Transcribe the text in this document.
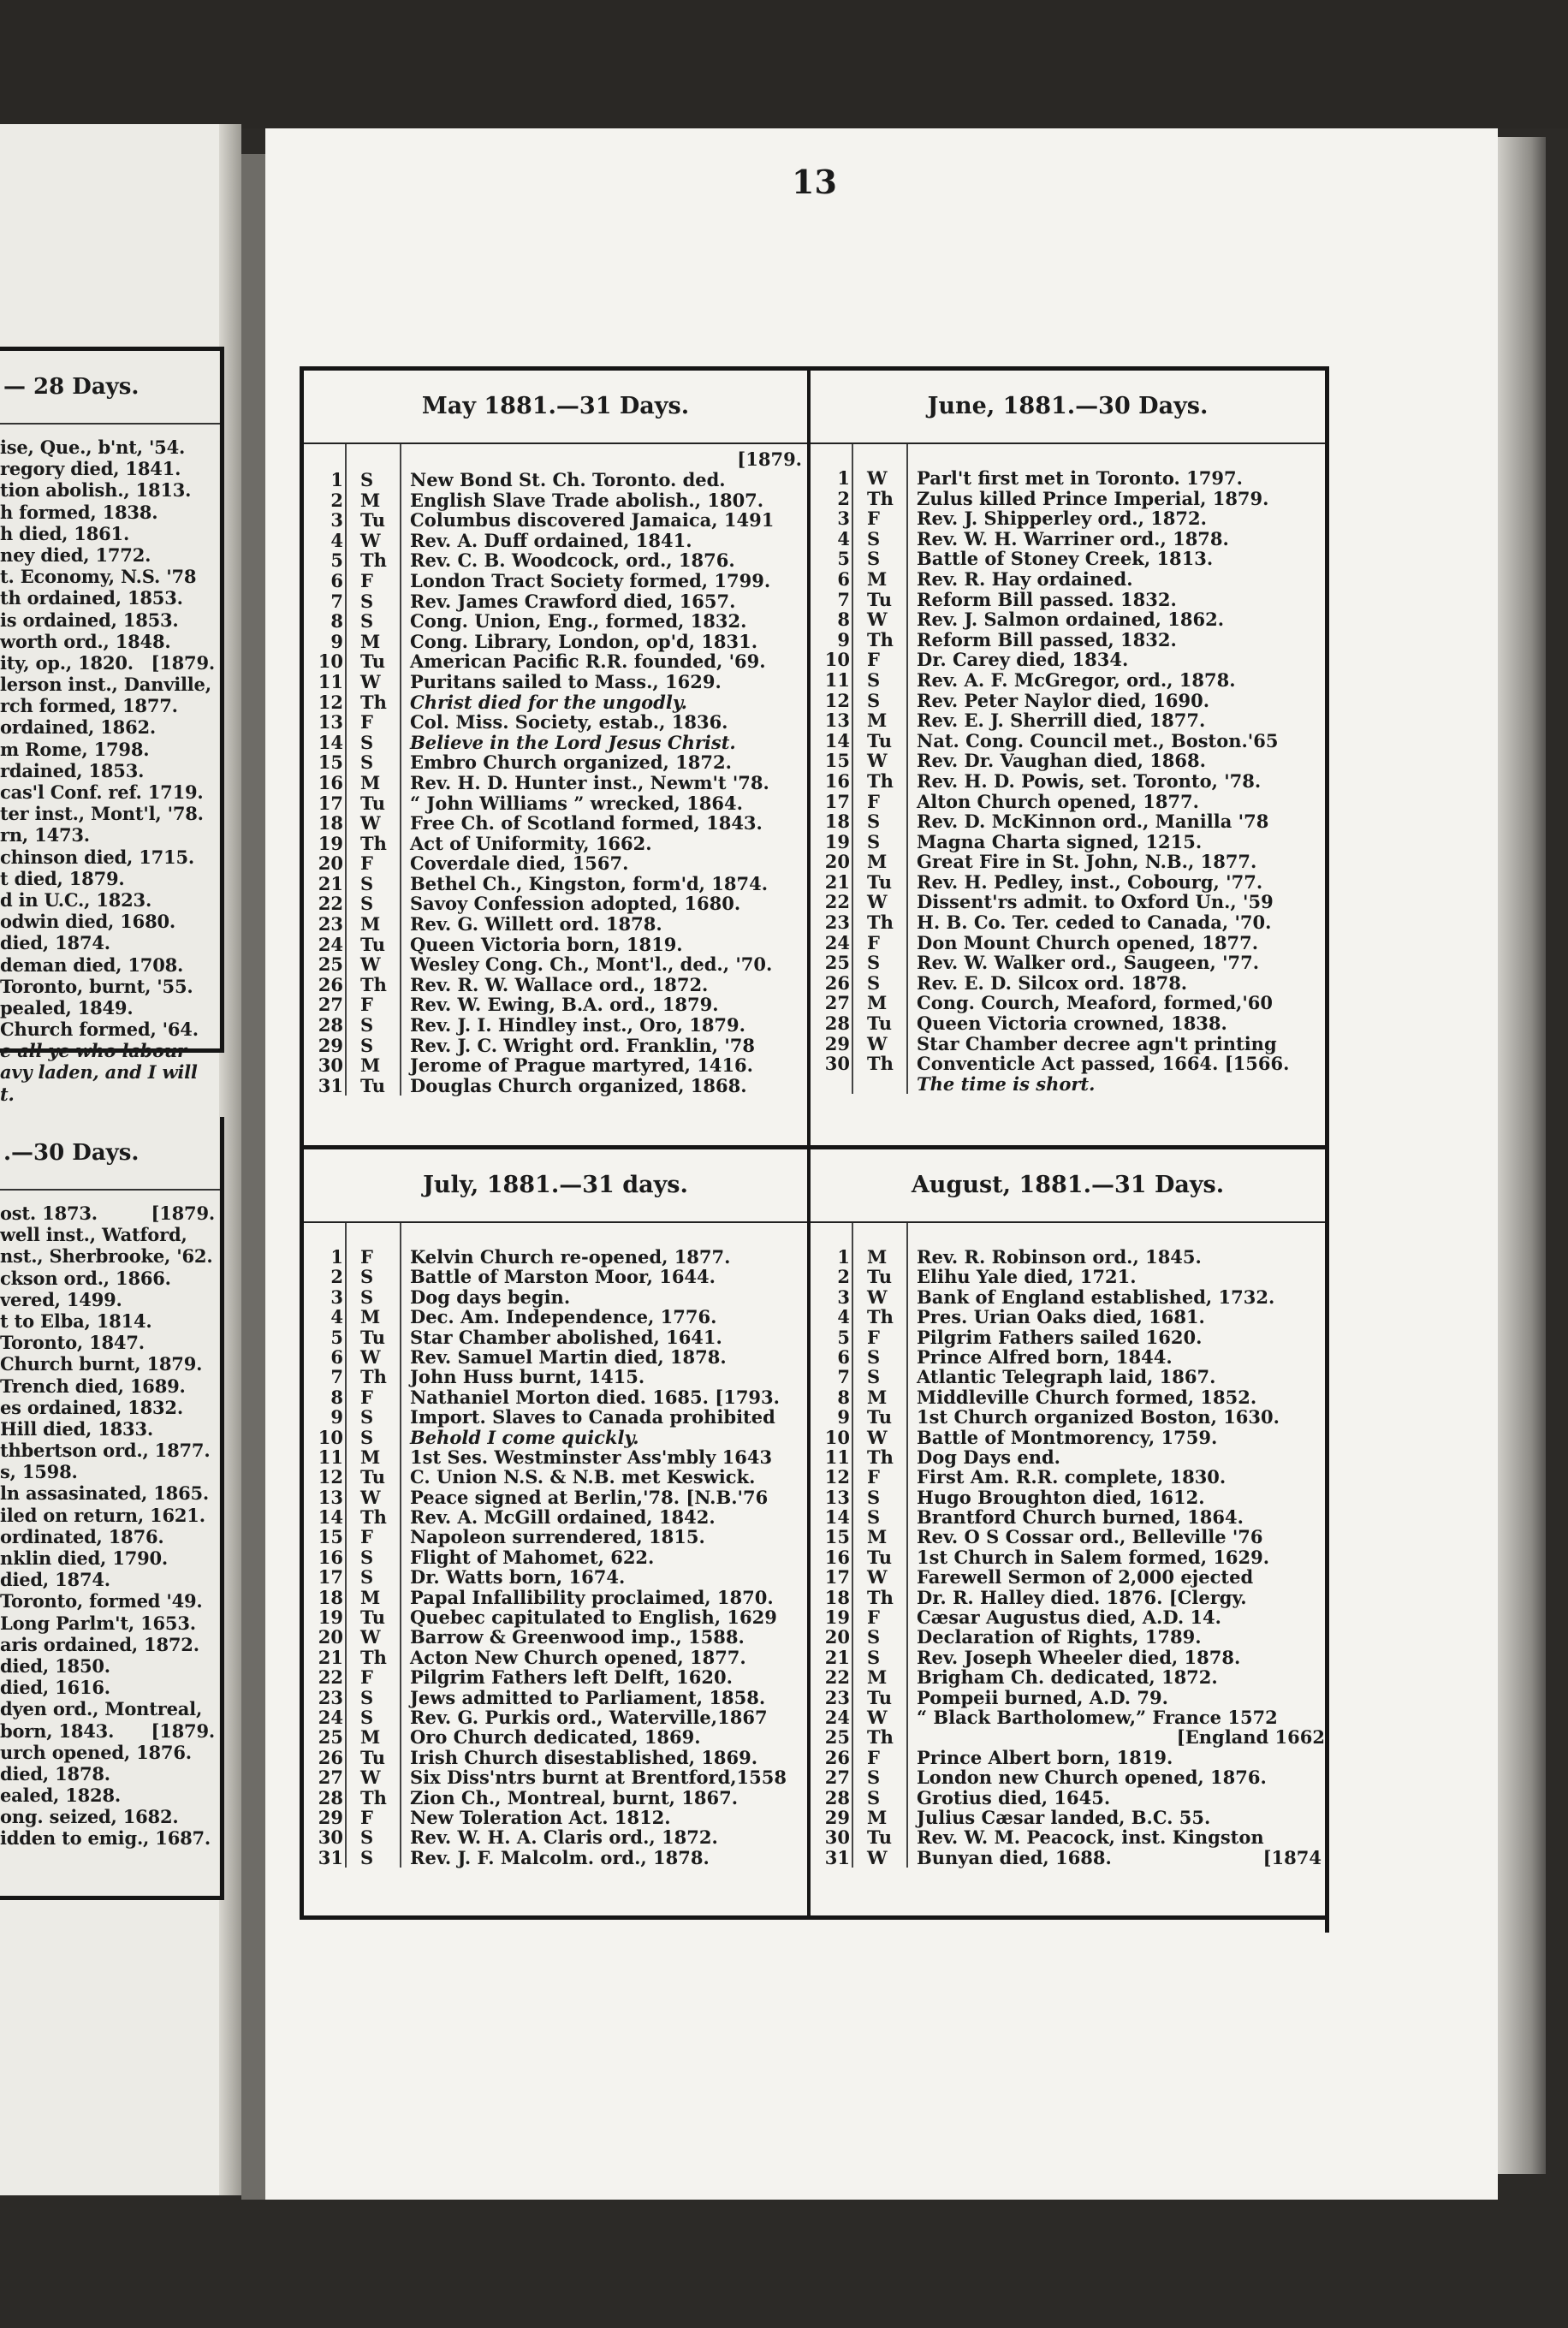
— 28 Days.
ise, Que., b'nt, '54.
regory died, 1841.
tion abolish., 1813.
h formed, 1838.
h died, 1861.
ney died, 1772.
t. Economy, N.S. '78
th ordained, 1853.
is ordained, 1853.
worth ord., 1848.
ity, op., 1820. [1879.
lerson inst., Danville,
rch formed, 1877.
ordained, 1862.
m Rome, 1798.
rdained, 1853.
cas'l Conf. ref. 1719.
ter inst., Mont'l, '78.
rn, 1473.
chinson died, 1715.
t died, 1879.
d in U.C., 1823.
odwin died, 1680.
died, 1874.
deman died, 1708.
Toronto, burnt, '55.
pealed, 1849.
Church formed, '64.
e all ye who labour
avy laden, and I will
t.
.—30 Days.
ost. 1873.	[1879.
well inst., Watford,
nst., Sherbrooke, '62.
ckson ord., 1866.
vered, 1499.
t to Elba, 1814.
Toronto, 1847.
Church burnt, 1879.
Trench died, 1689.
es ordained, 1832.
Hill died, 1833.
thbertson ord., 1877.
s, 1598.
ln assasinated, 1865.
iled on return, 1621.
ordinated, 1876.
nklin died, 1790.
died, 1874.
Toronto, formed '49.
Long Parlm't, 1653.
aris ordained, 1872.
died, 1850.
died, 1616.
dyen ord., Montreal,
born, 1843. [1879.
urch opened, 1876.
died, 1878.
ealed, 1828.
ong. seized, 1682.
idden to emig., 1687.
13
May 1881.—31 Days.
[1879.
1 S	New Bond St. Ch. Toronto. ded.
2 M	English Slave Trade abolish., 1807.
3 Tu	Columbus discovered Jamaica, 1491
4 W	Rev. A. Duff ordained, 1841.
5 Th	Rev. C. B. Woodcock, ord., 1876.
6 F	London Tract Society formed, 1799.
7 S	Rev. James Crawford died, 1657.
8 S	Cong. Union, Eng., formed, 1832.
9 M	Cong. Library, London, op'd, 1831.
10 Tu	American Pacific R.R. founded, '69.
11 W	Puritans sailed to Mass., 1629.
12 Th	Christ died for the ungodly.
13 F	Col. Miss. Society, estab., 1836.
14 S	Believe in the Lord Jesus Christ.
15 S	Embro Church organized, 1872.
16 M	Rev. H. D. Hunter inst., Newm't '78.
17 Tu	“ John Williams ” wrecked, 1864.
18 W	Free Ch. of Scotland formed, 1843.
19 Th	Act of Uniformity, 1662.
20 F	Coverdale died, 1567.
21 S	Bethel Ch., Kingston, form'd, 1874.
22 S	Savoy Confession adopted, 1680.
23 M	Rev. G. Willett ord. 1878.
24 Tu	Queen Victoria born, 1819.
25 W	Wesley Cong. Ch., Mont'l., ded., '70.
26 Th	Rev. R. W. Wallace ord., 1872.
27 F	Rev. W. Ewing, B.A. ord., 1879.
28 S	Rev. J. I. Hindley inst., Oro, 1879.
29 S	Rev. J. C. Wright ord. Franklin, '78
30 M	Jerome of Prague martyred, 1416.
31 Tu	Douglas Church organized, 1868.
June, 1881.—30 Days.
1 W	Parl't first met in Toronto. 1797.
2 Th	Zulus killed Prince Imperial, 1879.
3 F	Rev. J. Shipperley ord., 1872.
4 S	Rev. W. H. Warriner ord., 1878.
5 S	Battle of Stoney Creek, 1813.
6 M	Rev. R. Hay ordained.
7 Tu	Reform Bill passed. 1832.
8 W	Rev. J. Salmon ordained, 1862.
9 Th	Reform Bill passed, 1832.
10 F	Dr. Carey died, 1834.
11 S	Rev. A. F. McGregor, ord., 1878.
12 S	Rev. Peter Naylor died, 1690.
13 M	Rev. E. J. Sherrill died, 1877.
14 Tu	Nat. Cong. Council met., Boston.'65
15 W	Rev. Dr. Vaughan died, 1868.
16 Th	Rev. H. D. Powis, set. Toronto, '78.
17 F	Alton Church opened, 1877.
18 S	Rev. D. McKinnon ord., Manilla '78
19 S	Magna Charta signed, 1215.
20 M	Great Fire in St. John, N.B., 1877.
21 Tu	Rev. H. Pedley, inst., Cobourg, '77.
22 W	Dissent'rs admit. to Oxford Un., '59
23 Th	H. B. Co. Ter. ceded to Canada, '70.
24 F	Don Mount Church opened, 1877.
25 S	Rev. W. Walker ord., Saugeen, '77.
26 S	Rev. E. D. Silcox ord. 1878.
27 M	Cong. Courch, Meaford, formed,'60
28 Tu	Queen Victoria crowned, 1838.
29 W	Star Chamber decree agn't printing
30 Th	Conventicle Act passed, 1664. [1566.
The time is short.
July, 1881.—31 days.
1 F	Kelvin Church re-opened, 1877.
2 S	Battle of Marston Moor, 1644.
3 S	Dog days begin.
4 M	Dec. Am. Independence, 1776.
5 Tu	Star Chamber abolished, 1641.
6 W	Rev. Samuel Martin died, 1878.
7 Th	John Huss burnt, 1415.
8 F	Nathaniel Morton died. 1685. [1793.
9 S	Import. Slaves to Canada prohibited
10 S	Behold I come quickly.
11 M	1st Ses. Westminster Ass'mbly 1643
12 Tu	C. Union N.S. & N.B. met Keswick.
13 W	Peace signed at Berlin,'78. [N.B.'76
14 Th	Rev. A. McGill ordained, 1842.
15 F	Napoleon surrendered, 1815.
16 S	Flight of Mahomet, 622.
17 S	Dr. Watts born, 1674.
18 M	Papal Infallibility proclaimed, 1870.
19 Tu	Quebec capitulated to English, 1629
20 W	Barrow & Greenwood imp., 1588.
21 Th	Acton New Church opened, 1877.
22 F	Pilgrim Fathers left Delft, 1620.
23 S	Jews admitted to Parliament, 1858.
24 S	Rev. G. Purkis ord., Waterville,1867
25 M	Oro Church dedicated, 1869.
26 Tu	Irish Church disestablished, 1869.
27 W	Six Diss'ntrs burnt at Brentford,1558
28 Th	Zion Ch., Montreal, burnt, 1867.
29 F	New Toleration Act. 1812.
30 S	Rev. W. H. A. Claris ord., 1872.
31 S	Rev. J. F. Malcolm. ord., 1878.
August, 1881.—31 Days.
1 M	Rev. R. Robinson ord., 1845.
2 Tu	Elihu Yale died, 1721.
3 W	Bank of England established, 1732.
4 Th	Pres. Urian Oaks died, 1681.
5 F	Pilgrim Fathers sailed 1620.
6 S	Prince Alfred born, 1844.
7 S	Atlantic Telegraph laid, 1867.
8 M	Middleville Church formed, 1852.
9 Tu	1st Church organized Boston, 1630.
10 W	Battle of Montmorency, 1759.
11 Th	Dog Days end.
12 F	First Am. R.R. complete, 1830.
13 S	Hugo Broughton died, 1612.
14 S	Brantford Church burned, 1864.
15 M	Rev. O S Cossar ord., Belleville '76
16 Tu	1st Church in Salem formed, 1629.
17 W	Farewell Sermon of 2,000 ejected
18 Th	Dr. R. Halley died. 1876. [Clergy.
19 F	Cæsar Augustus died, A.D. 14.
20 S	Declaration of Rights, 1789.
21 S	Rev. Joseph Wheeler died, 1878.
22 M	Brigham Ch. dedicated, 1872.
23 Tu	Pompeii burned, A.D. 79.
24 W	“ Black Bartholomew,” France 1572
25 Th	[England 1662
26 F	Prince Albert born, 1819.
27 S	London new Church opened, 1876.
28 S	Grotius died, 1645.
29 M	Julius Cæsar landed, B.C. 55.
30 Tu	Rev. W. M. Peacock, inst. Kingston
31 W	Bunyan died, 1688.	[1874
